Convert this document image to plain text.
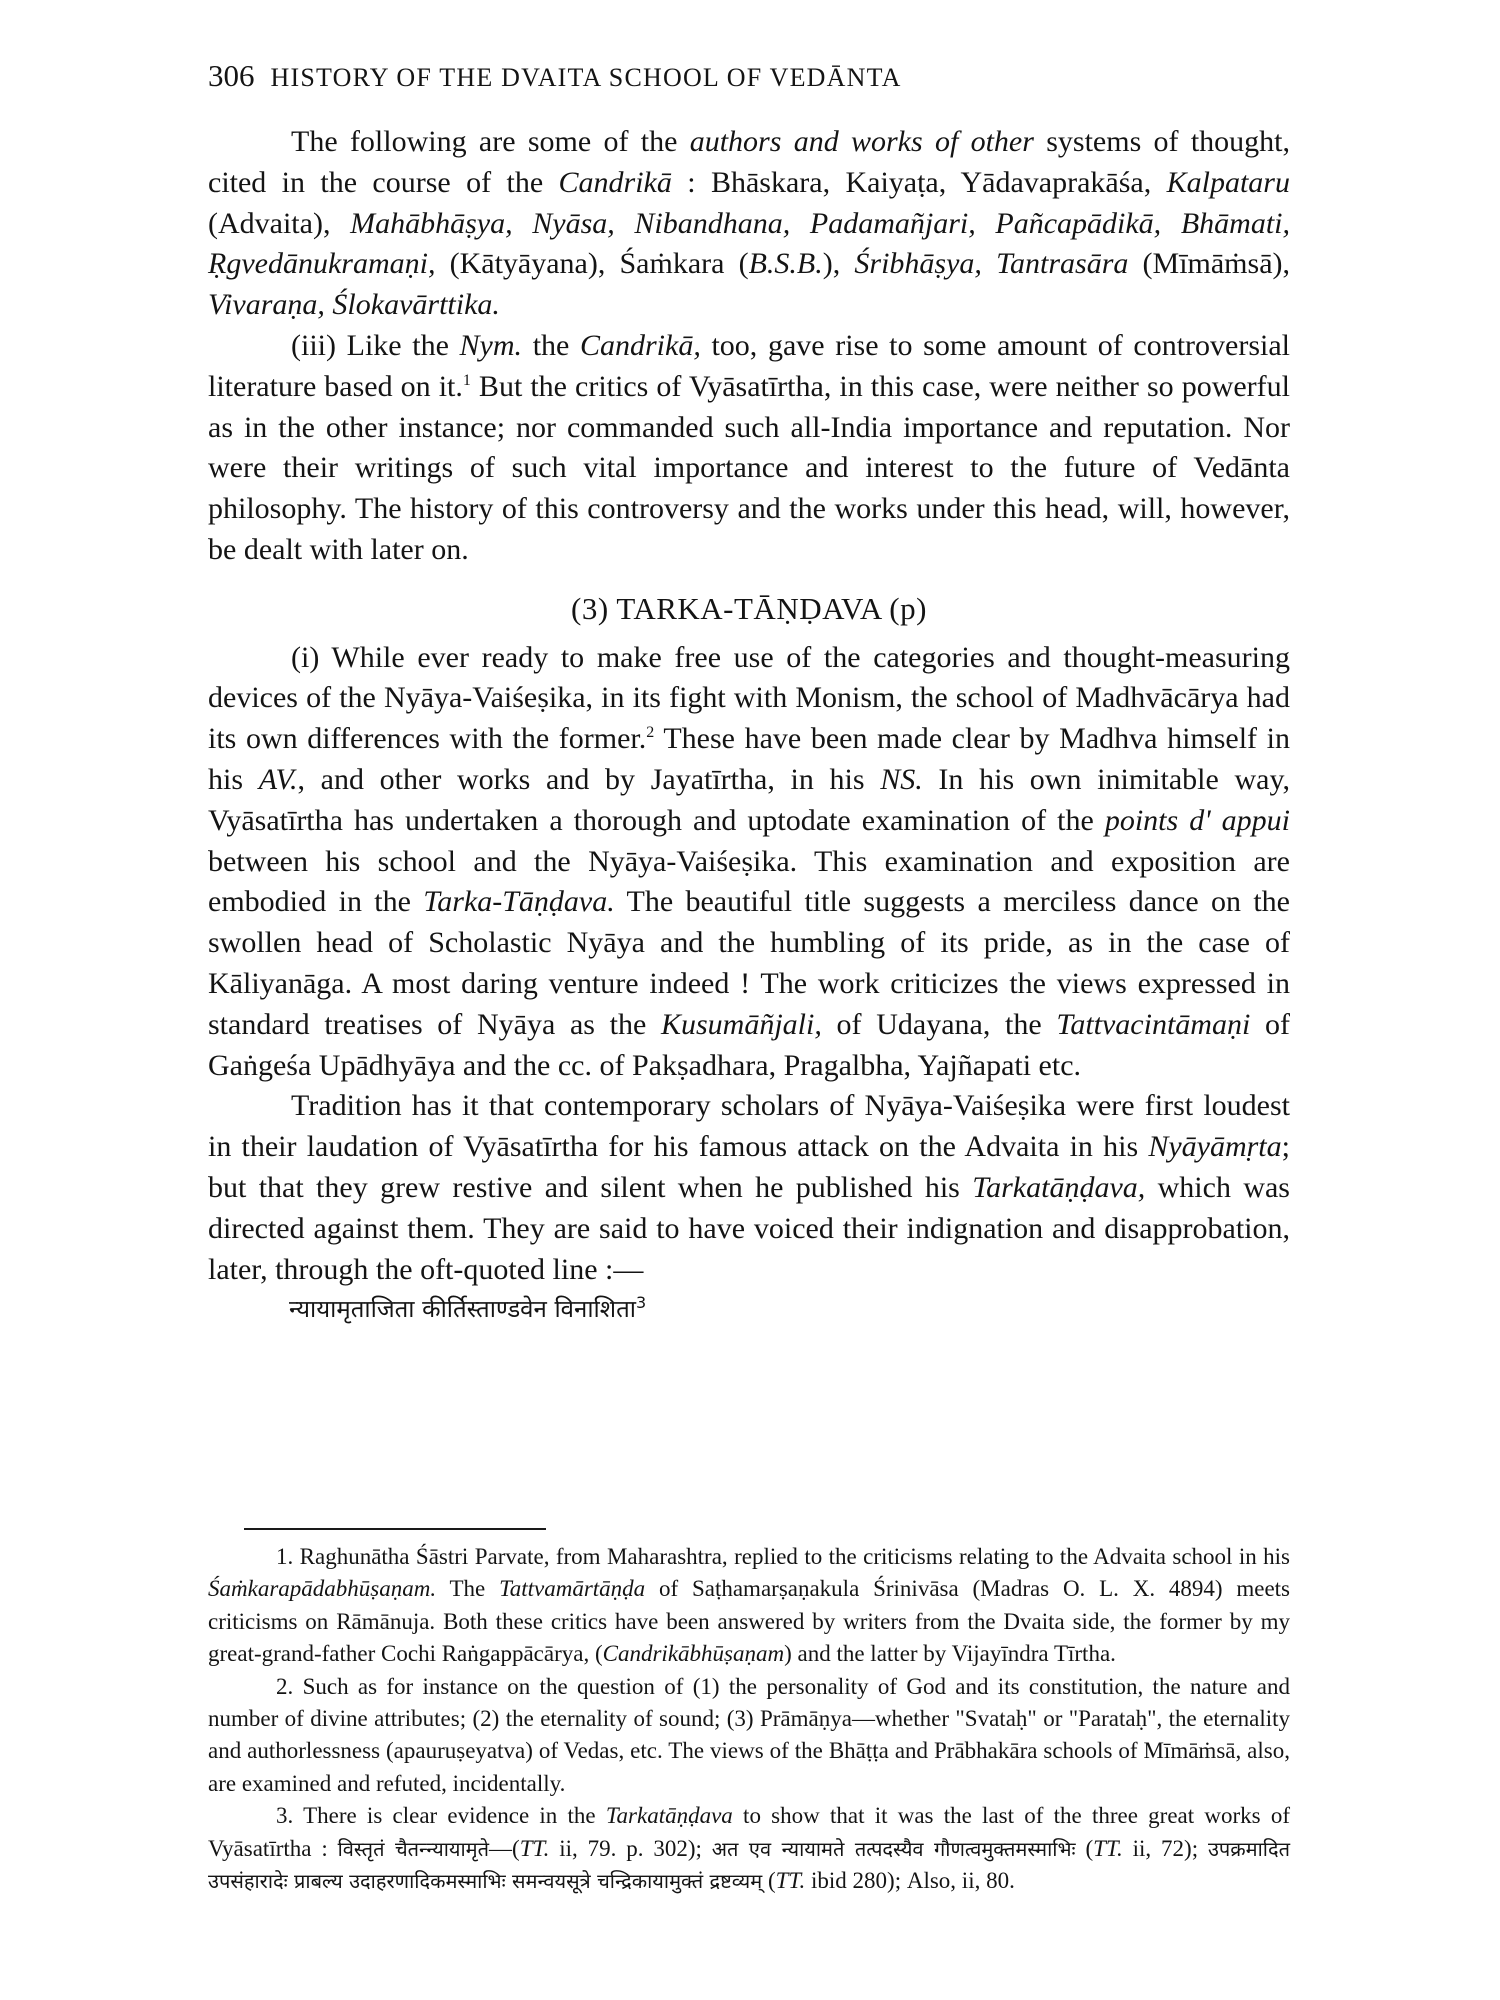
306 HISTORY OF THE DVAITA SCHOOL OF VEDĀNTA

The following are some of the authors and works of other systems of thought, cited in the course of the Candrikā : Bhāskara, Kaiyaṭa, Yādavaprakāśa, Kalpataru (Advaita), Mahābhāṣya, Nyāsa, Nibandhana, Padamañjari, Pañcapādikā, Bhāmati, Ṛgvedānukramaṇi, (Kātyāyana), Śaṁkara (B.S.B.), Śribhāṣya, Tantrasāra (Mīmāṁsā), Vivaraṇa, Ślokavārttika.

(iii) Like the Nym. the Candrikā, too, gave rise to some amount of controversial literature based on it.$^1$ But the critics of Vyāsatīrtha, in this case, were neither so powerful as in the other instance; nor commanded such all-India importance and reputation. Nor were their writings of such vital importance and interest to the future of Vedānta philosophy. The history of this controversy and the works under this head, will, however, be dealt with later on.

(3) TARKA-TĀṆḌAVA (p)

(i) While ever ready to make free use of the categories and thought-measuring devices of the Nyāya-Vaiśeṣika, in its fight with Monism, the school of Madhvācārya had its own differences with the former.$^2$ These have been made clear by Madhva himself in his AV., and other works and by Jayatīrtha, in his NS. In his own inimitable way, Vyāsatīrtha has undertaken a thorough and uptodate examination of the points d' appui between his school and the Nyāya-Vaiśeṣika. This examination and exposition are embodied in the Tarka-Tāṇḍava. The beautiful title suggests a merciless dance on the swollen head of Scholastic Nyāya and the humbling of its pride, as in the case of Kāliyanāga. A most daring venture indeed ! The work criticizes the views expressed in standard treatises of Nyāya as the Kusumāñjali, of Udayana, the Tattvacintāmaṇi of Gaṅgeśa Upādhyāya and the cc. of Pakṣadhara, Pragalbha, Yajñapati etc.

Tradition has it that contemporary scholars of Nyāya-Vaiśeṣika were first loudest in their laudation of Vyāsatīrtha for his famous attack on the Advaita in his Nyāyāmṛta; but that they grew restive and silent when he published his Tarkatāṇḍava, which was directed against them. They are said to have voiced their indignation and disapprobation, later, through the oft-quoted line :—

न्यायामृताजिता कीर्तिस्ताण्डवेन विनाशिता$^3$

1. Raghunātha Śāstri Parvate, from Maharashtra, replied to the criticisms relating to the Advaita school in his Śaṁkarapādabhūṣaṇam. The Tattvamārtāṇḍa of Saṭhamarṣaṇakula Śrinivāsa (Madras O. L. X. 4894) meets criticisms on Rāmānuja. Both these critics have been answered by writers from the Dvaita side, the former by my great-grand-father Cochi Raṅgappācārya, (Candrikābhūṣaṇam) and the latter by Vijayīndra Tīrtha.

2. Such as for instance on the question of (1) the personality of God and its constitution, the nature and number of divine attributes; (2) the eternality of sound; (3) Prāmāṇya—whether "Svataḥ" or "Parataḥ", the eternality and authorlessness (apauruṣeyatva) of Vedas, etc. The views of the Bhāṭṭa and Prābhakāra schools of Mīmāṁsā, also, are examined and refuted, incidentally.

3. There is clear evidence in the Tarkatāṇḍava to show that it was the last of the three great works of Vyāsatīrtha : विस्तृतं चैतन्न्यायामृते—(TT. ii, 79. p. 302); अत एव न्यायामते तत्पदस्यैव गौणत्वमुक्तमस्माभिः (TT. ii, 72); उपक्रमादित उपसंहारादेः प्राबल्य उदाहरणादिकमस्माभिः समन्वयसूत्रे चन्द्रिकायामुक्तं द्रष्टव्यम् (TT. ibid 280); Also, ii, 80.
